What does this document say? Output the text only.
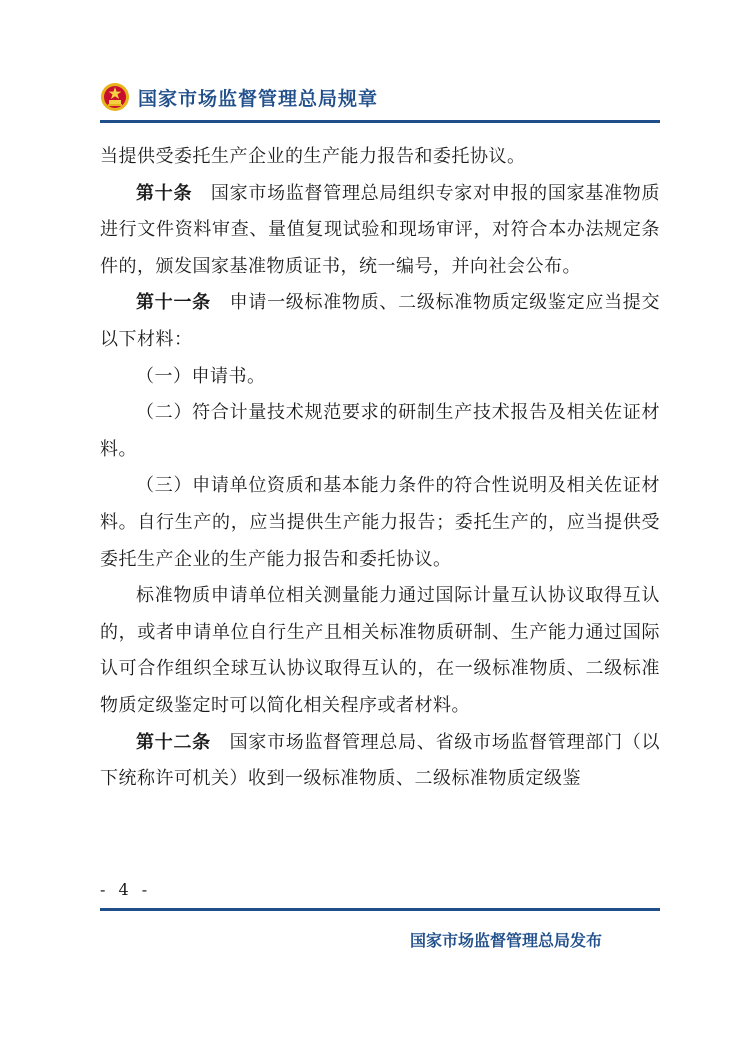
国家市场监督管理总局规章

当提供受委托生产企业的生产能力报告和委托协议。

第十条　 国家市场监督管理总局组织专家对申报的国家基准物质进行文件资料审查、量值复现试验和现场审评，对符合本办法规定条件的，颁发国家基准物质证书，统一编号，并向社会公布。

第十一条　 申请一级标准物质、二级标准物质定级鉴定应当提交以下材料：

（一）申请书。

（二）符合计量技术规范要求的研制生产技术报告及相关佐证材料。

（三）申请单位资质和基本能力条件的符合性说明及相关佐证材料。自行生产的，应当提供生产能力报告；委托生产的，应当提供受委托生产企业的生产能力报告和委托协议。

标准物质申请单位相关测量能力通过国际计量互认协议取得互认的，或者申请单位自行生产且相关标准物质研制、生产能力通过国际认可合作组织全球互认协议取得互认的，在一级标准物质、二级标准物质定级鉴定时可以简化相关程序或者材料。

第十二条　 国家市场监督管理总局、省级市场监督管理部门（以下统称许可机关）收到一级标准物质、二级标准物质定级鉴

- 4 -
国家市场监督管理总局发布
